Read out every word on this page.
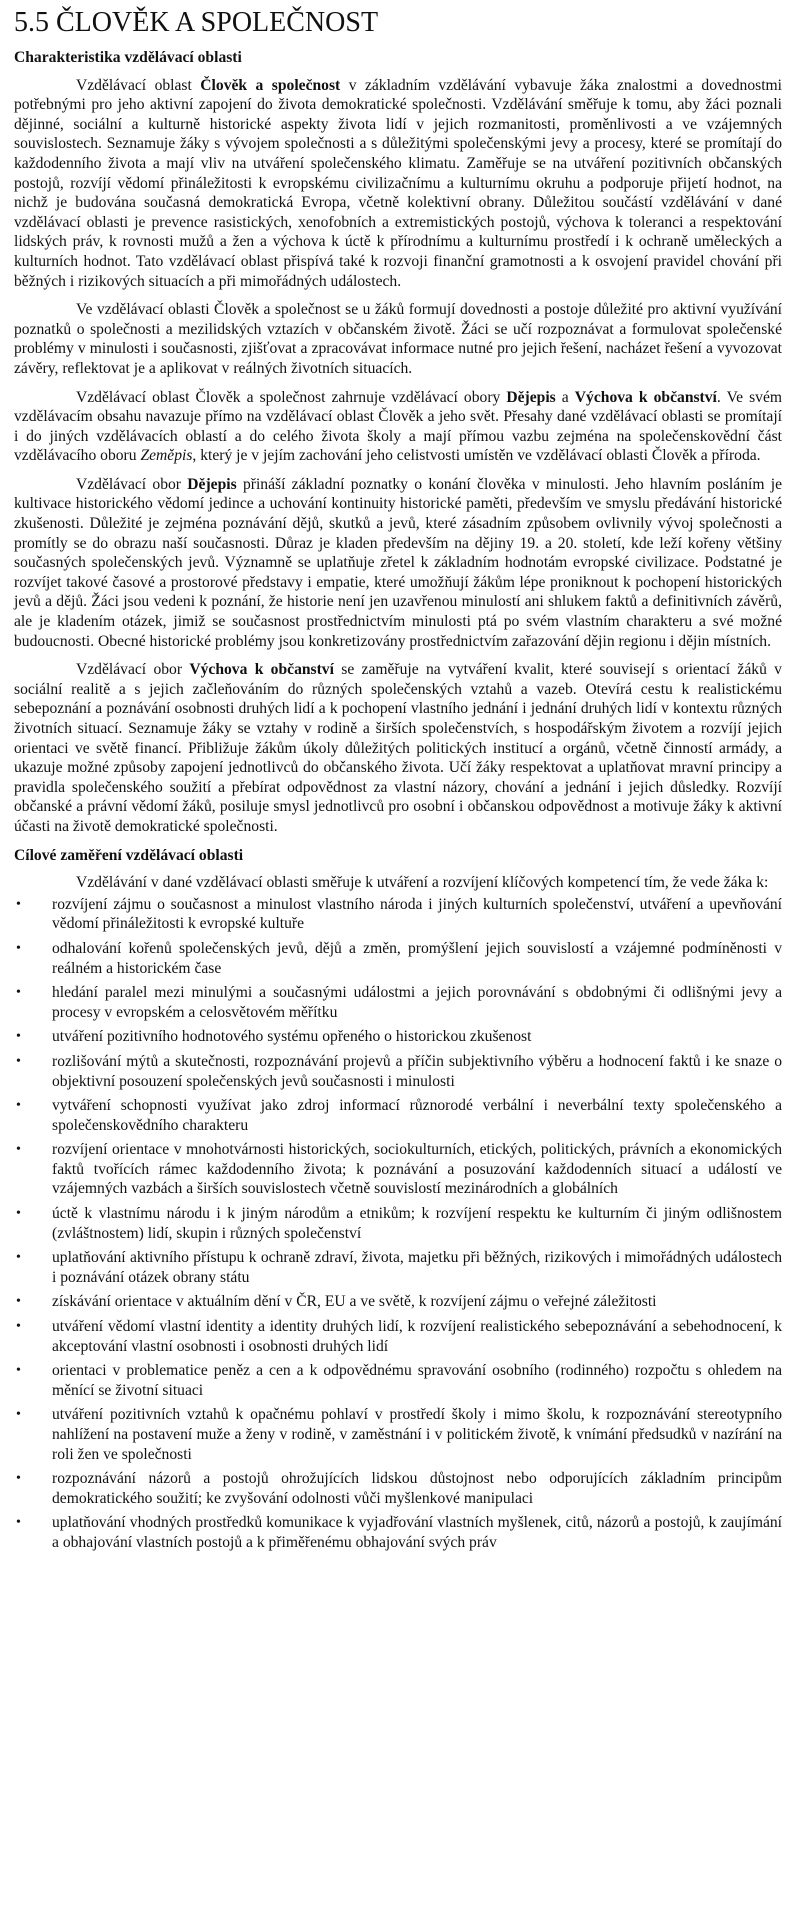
5.5 ČLOVĚK A SPOLEČNOST
Charakteristika vzdělávací oblasti

Vzdělávací oblast Člověk a společnost v základním vzdělávání vybavuje žáka znalostmi a dovednostmi potřebnými pro jeho aktivní zapojení do života demokratické společnosti. Vzdělávání směřuje k tomu, aby žáci poznali dějinné, sociální a kulturně historické aspekty života lidí v jejich rozmanitosti, proměnlivosti a ve vzájemných souvislostech. Seznamuje žáky s vývojem společnosti a s důležitými společenskými jevy a procesy, které se promítají do každodenního života a mají vliv na utváření společenského klimatu. Zaměřuje se na utváření pozitivních občanských postojů, rozvíjí vědomí přináležitosti k evropskému civilizačnímu a kulturnímu okruhu a podporuje přijetí hodnot, na nichž je budována současná demokratická Evropa, včetně kolektivní obrany. Důležitou součástí vzdělávání v dané vzdělávací oblasti je prevence rasistických, xenofobních a extremistických postojů, výchova k toleranci a respektování lidských práv, k rovnosti mužů a žen a výchova k úctě k přírodnímu a kulturnímu prostředí i k ochraně uměleckých a kulturních hodnot. Tato vzdělávací oblast přispívá také k rozvoji finanční gramotnosti a k osvojení pravidel chování při běžných i rizikových situacích a při mimořádných událostech.

Ve vzdělávací oblasti Člověk a společnost se u žáků formují dovednosti a postoje důležité pro aktivní využívání poznatků o společnosti a mezilidských vztazích v občanském životě. Žáci se učí rozpoznávat a formulovat společenské problémy v minulosti i současnosti, zjišťovat a zpracovávat informace nutné pro jejich řešení, nacházet řešení a vyvozovat závěry, reflektovat je a aplikovat v reálných životních situacích.

Vzdělávací oblast Člověk a společnost zahrnuje vzdělávací obory Dějepis a Výchova k občanství. Ve svém vzdělávacím obsahu navazuje přímo na vzdělávací oblast Člověk a jeho svět. Přesahy dané vzdělávací oblasti se promítají i do jiných vzdělávacích oblastí a do celého života školy a mají přímou vazbu zejména na společenskovědní část vzdělávacího oboru Zeměpis, který je v jejím zachování jeho celistvosti umístěn ve vzdělávací oblasti Člověk a příroda.

Vzdělávací obor Dějepis přináší základní poznatky o konání člověka v minulosti. Jeho hlavním posláním je kultivace historického vědomí jedince a uchování kontinuity historické paměti, především ve smyslu předávání historické zkušenosti. Důležité je zejména poznávání dějů, skutků a jevů, které zásadním způsobem ovlivnily vývoj společnosti a promítly se do obrazu naší současnosti. Důraz je kladen především na dějiny 19. a 20. století, kde leží kořeny většiny současných společenských jevů. Významně se uplatňuje zřetel k základním hodnotám evropské civilizace. Podstatné je rozvíjet takové časové a prostorové představy i empatie, které umožňují žákům lépe proniknout k pochopení historických jevů a dějů. Žáci jsou vedeni k poznání, že historie není jen uzavřenou minulostí ani shlukem faktů a definitivních závěrů, ale je kladením otázek, jimiž se současnost prostřednictvím minulosti ptá po svém vlastním charakteru a své možné budoucnosti. Obecné historické problémy jsou konkretizovány prostřednictvím zařazování dějin regionu i dějin místních.

Vzdělávací obor Výchova k občanství se zaměřuje na vytváření kvalit, které souvisejí s orientací žáků v sociální realitě a s jejich začleňováním do různých společenských vztahů a vazeb. Otevírá cestu k realistickému sebepoznání a poznávání osobnosti druhých lidí a k pochopení vlastního jednání i jednání druhých lidí v kontextu různých životních situací. Seznamuje žáky se vztahy v rodině a širších společenstvích, s hospodářským životem a rozvíjí jejich orientaci ve světě financí. Přibližuje žákům úkoly důležitých politických institucí a orgánů, včetně činností armády, a ukazuje možné způsoby zapojení jednotlivců do občanského života. Učí žáky respektovat a uplatňovat mravní principy a pravidla společenského soužití a přebírat odpovědnost za vlastní názory, chování a jednání i jejich důsledky. Rozvíjí občanské a právní vědomí žáků, posiluje smysl jednotlivců pro osobní i občanskou odpovědnost a motivuje žáky k aktivní účasti na životě demokratické společnosti.

Cílové zaměření vzdělávací oblasti

Vzdělávání v dané vzdělávací oblasti směřuje k utváření a rozvíjení klíčových kompetencí tím, že vede žáka k:

• rozvíjení zájmu o současnost a minulost vlastního národa i jiných kulturních společenství, utváření a upevňování vědomí přináležitosti k evropské kultuře
• odhalování kořenů společenských jevů, dějů a změn, promýšlení jejich souvislostí a vzájemné podmíněnosti v reálném a historickém čase
• hledání paralel mezi minulými a současnými událostmi a jejich porovnávání s obdobnými či odlišnými jevy a procesy v evropském a celosvětovém měřítku
• utváření pozitivního hodnotového systému opřeného o historickou zkušenost
• rozlišování mýtů a skutečnosti, rozpoznávání projevů a příčin subjektivního výběru a hodnocení faktů i ke snaze o objektivní posouzení společenských jevů současnosti i minulosti
• vytváření schopnosti využívat jako zdroj informací různorodé verbální i neverbální texty společenského a společenskovědního charakteru
• rozvíjení orientace v mnohotvárnosti historických, sociokulturních, etických, politických, právních a ekonomických faktů tvořících rámec každodenního života; k poznávání a posuzování každodenních situací a událostí ve vzájemných vazbách a širších souvislostech včetně souvislostí mezinárodních a globálních
• úctě k vlastnímu národu i k jiným národům a etnikům; k rozvíjení respektu ke kulturním či jiným odlišnostem (zvláštnostem) lidí, skupin i různých společenství
• uplatňování aktivního přístupu k ochraně zdraví, života, majetku při běžných, rizikových i mimořádných událostech i poznávání otázek obrany státu
• získávání orientace v aktuálním dění v ČR, EU a ve světě, k rozvíjení zájmu o veřejné záležitosti
• utváření vědomí vlastní identity a identity druhých lidí, k rozvíjení realistického sebepoznávání a sebehodnocení, k akceptování vlastní osobnosti i osobnosti druhých lidí
• orientaci v problematice peněz a cen a k odpovědnému spravování osobního (rodinného) rozpočtu s ohledem na měnící se životní situaci
• utváření pozitivních vztahů k opačnému pohlaví v prostředí školy i mimo školu, k rozpoznávání stereotypního nahlížení na postavení muže a ženy v rodině, v zaměstnání i v politickém životě, k vnímání předsudků v nazírání na roli žen ve společnosti
• rozpoznávání názorů a postojů ohrožujících lidskou důstojnost nebo odporujících základním principům demokratického soužití; ke zvyšování odolnosti vůči myšlenkové manipulaci
• uplatňování vhodných prostředků komunikace k vyjadřování vlastních myšlenek, citů, názorů a postojů, k zaujímání a obhajování vlastních postojů a k přiměřenému obhajování svých práv
